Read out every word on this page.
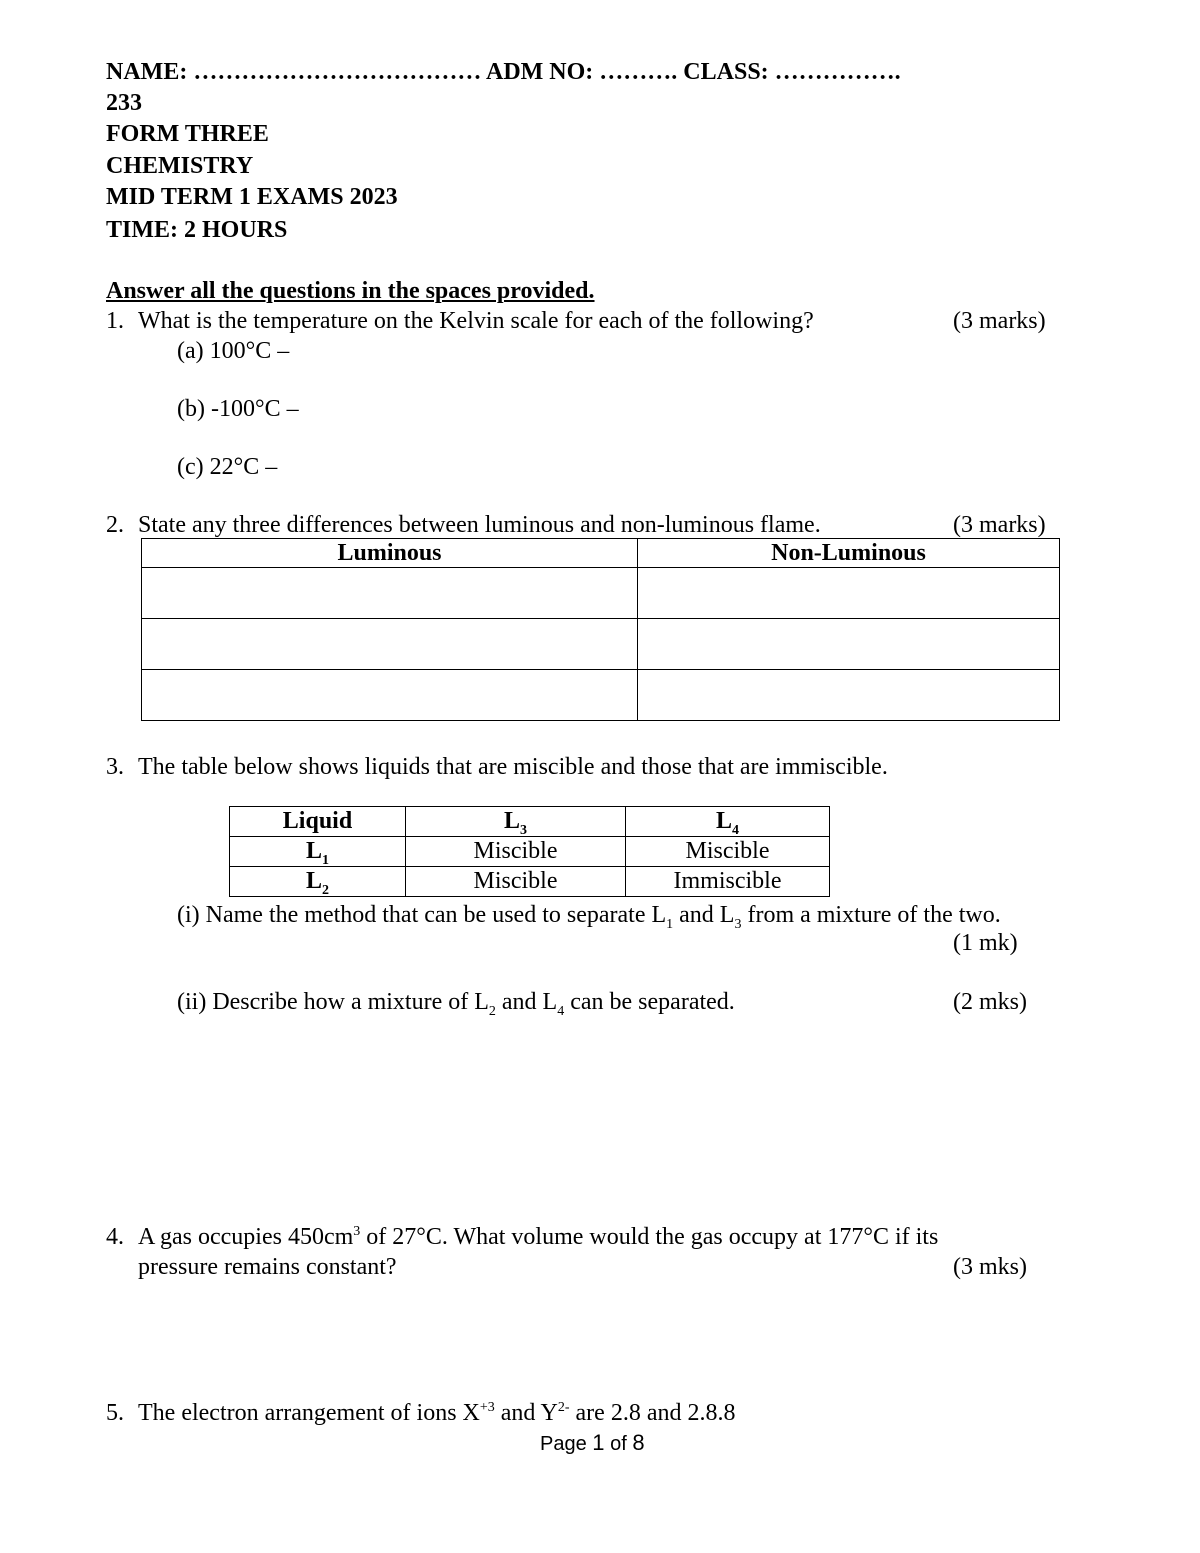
NAME: ……………………………… ADM NO: ………. CLASS: …………….
233
FORM THREE
CHEMISTRY
MID TERM 1 EXAMS 2023
TIME: 2 HOURS
Answer all the questions in the spaces provided.
1. What is the temperature on the Kelvin scale for each of the following?	(3 marks)
(a) 100°C –
(b) -100°C –
(c) 22°C –
2. State any three differences between luminous and non-luminous flame.	(3 marks)
Luminous	Non-Luminous

3. The table below shows liquids that are miscible and those that are immiscible.
Liquid	$L_3$	$L_4$
$L_1$	Miscible	Miscible
$L_2$	Miscible	Immiscible
(i) Name the method that can be used to separate $L_1$ and $L_3$ from a mixture of the two.
(1 mk)
(ii) Describe how a mixture of $L_2$ and $L_4$ can be separated.	(2 mks)
4. A gas occupies $450cm^3$ of 27°C. What volume would the gas occupy at 177°C if its
pressure remains constant?	(3 mks)
5. The electron arrangement of ions $X^{+3}$ and $Y^{2-}$ are 2.8 and 2.8.8
Page 1 of 8
